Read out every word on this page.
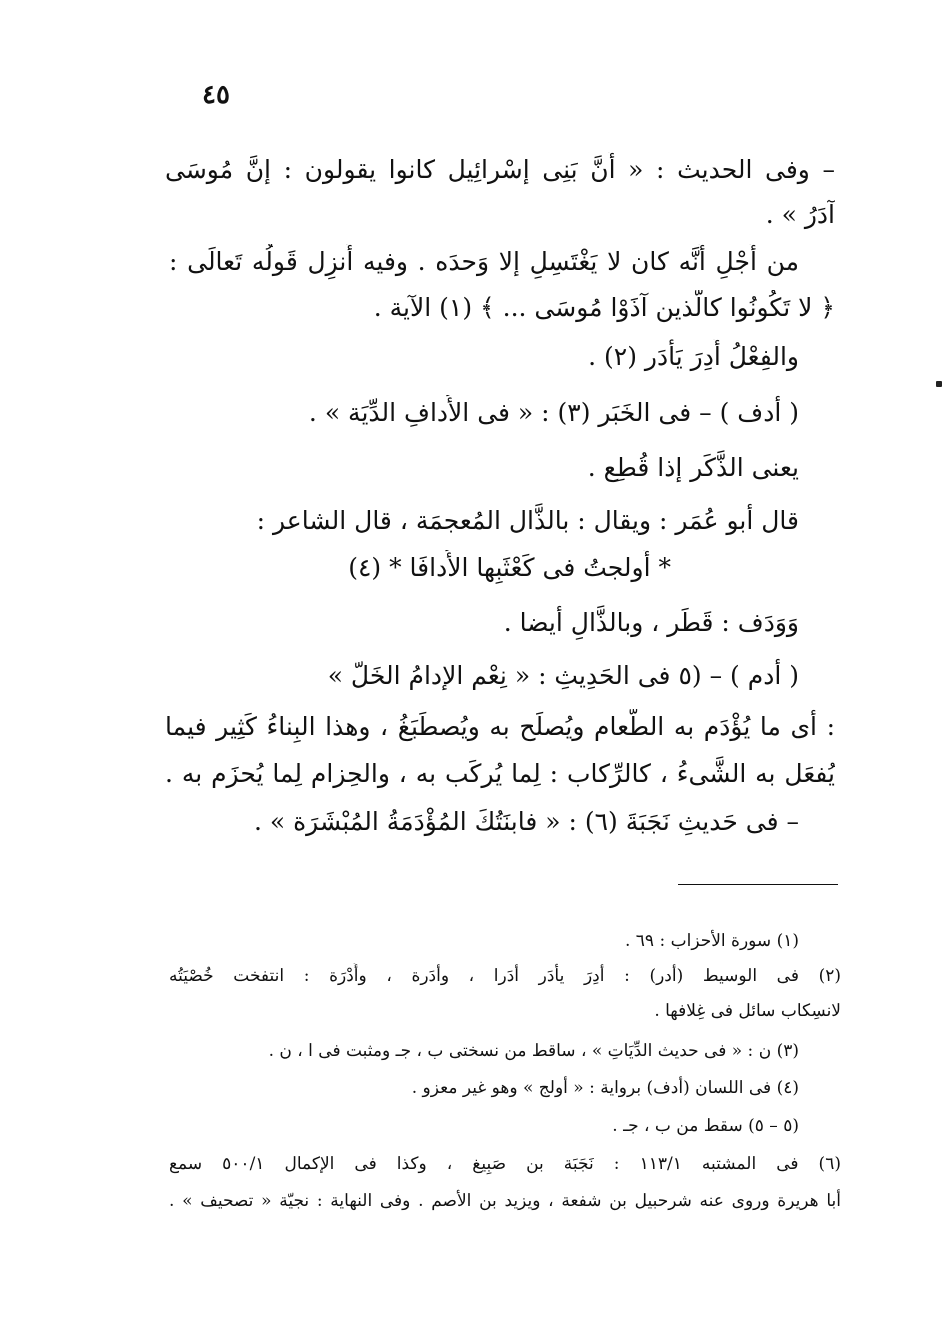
٤٥
– وفى الحديث : « أَنَّ بَنِى إسْرائِيل كانوا يقولون : إنَّ مُوسَى
آدَرُ » .
من أَجْلِ أَنَّه كان لا يَغْتَسِلِ إلا وَحدَه . وفيه أُنزِل قَولُه تَعالَى :
﴿ لا تَكُونُوا كالَّذين آذَوْا مُوسَى ... ﴾ (١) الآية .
والفِعْلُ أَدِرَ يَأْدَر (٢) .
( أدف ) – فى الخَبَر (٣) : « فى الأُدافِ الدِّيَة » .
يعنى الذَّكَر إذا قُطِع .
قال أبو عُمَر : ويقال : بالذَّال المُعجمَة ، قال الشاعر :
* أُولجتُ فى كَعْثَبِها الأُدافَا * (٤)
وَوَدَف : قَطَر ، وبالذَّالِ أيضا .
( أدم ) – (٥ فى الحَدِيثِ : « نِعْم الإدامُ الخَلّ »
: أى ما يُؤْدَم به الطَّعام ويُصلَح به ويُصطَبَغُ ، وهذا البِناءُ كَثِير فيما
يُفعَل به الشَّىءُ ، كالرِّكاب : لِما يُركَب به ، والحِزام لِما يُحزَم به .
– فى حَديثِ نَجَبَةَ (٦) : « فابنَتُكَ المُؤْدَمَةُ المُبْشَرَة » .
(١) سورة الأحزاب : ٦٩ .
(٢) فى الوسيط (أدر) : أدِرَ يأدَر أدَرا ، وأدَرة ، وأُدْرَة : انتفخت خُصْيَتُه
لانسِكاب سائل فى غِلافها .
(٣) ن : « فى حديث الدِّيَاتِ » ، ساقط من نسختى ب ، جـ ومثبت فى ا ، ن .
(٤) فى اللسان (أدف) برواية : « أولج » وهو غير معزو .
(٥ – ٥) سقط من ب ، جـ .
(٦) فى المشتبه ١١٣/١ : نَجَبَة بن صَبِيغ ، وكذا فى الإكمال ٥٠٠/١ سمع
أبا هريرة وروى عنه شرحبيل بن شفعة ، ويزيد بن الأصم . وفى النهاية : نجيّة « تصحيف » .
